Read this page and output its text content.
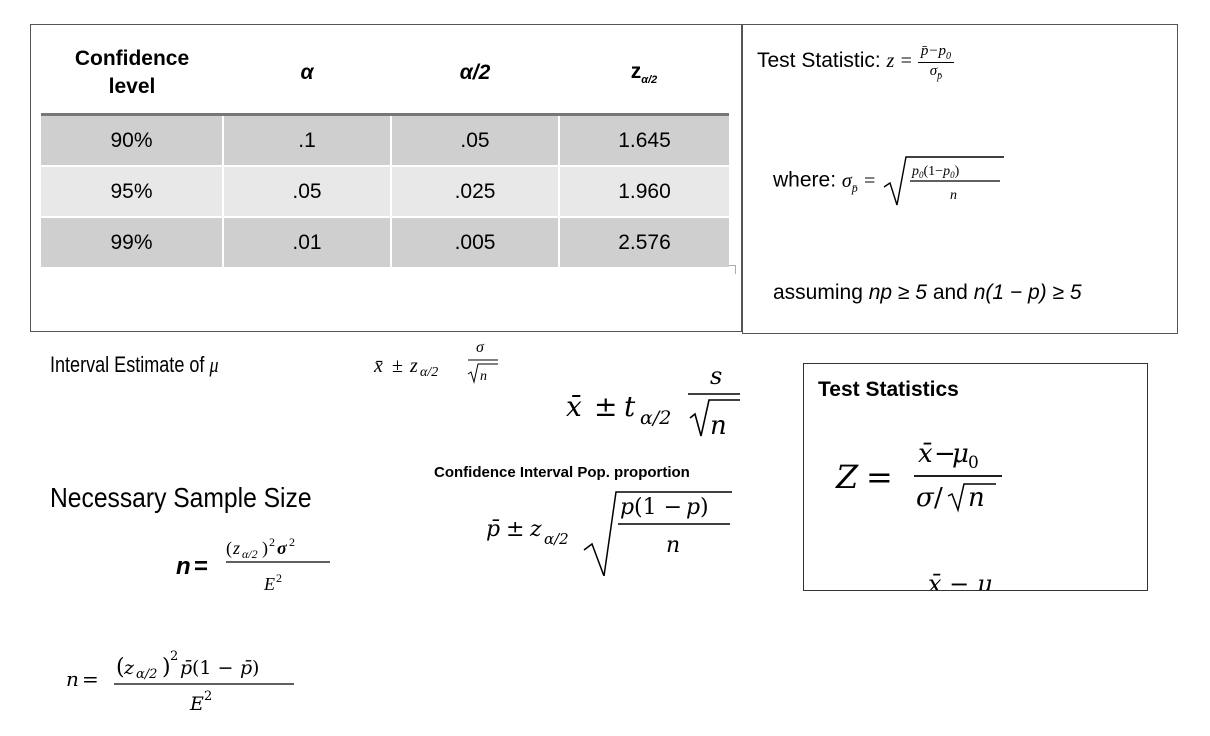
Confidence
level	α	α/2	$z_{\alpha/2}$
90%	.1	.05	1.645
95%	.05	.025	1.960
99%	.01	.005	2.576
Test Statistic: $z = \frac{p̄-p_0}{\sigma_{p̄}}$
where: $\sigma_{p̄}$ =	$p_0(1-p_0)$
n
assuming np ≥ 5 and n(1 − p) ≥ 5
Interval Estimate of μ	x̄ ± z α/2
σ
n
x̄ ± t α/2
s
n
Confidence Interval Pop. proportion
p̄ ± z α/2
p (1 − p )
n
Necessary Sample Size
n =
( z α/2 ) 2 σ 2
E 2
n = ( z α/2 ) 2
p̄ (1 − p̄ )
E 2
Test Statistics
Z =
x̄ −
μ 0
σ / n
x̄ − μ
